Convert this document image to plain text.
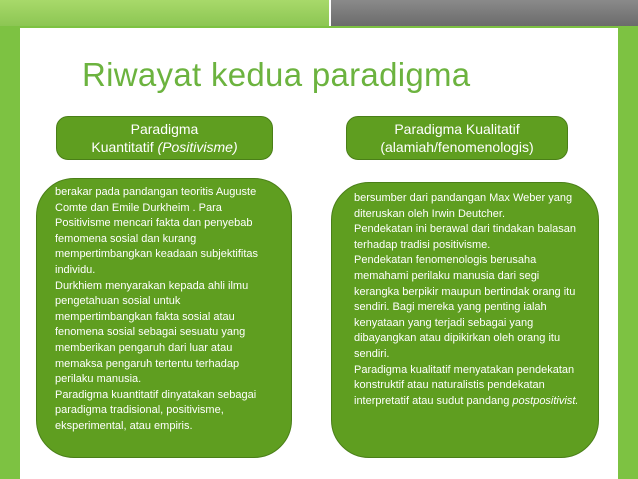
Riwayat kedua paradigma
Paradigma
Kuantitatif (Positivisme)
Paradigma Kualitatif
(alamiah/fenomenologis)

berakar pada pandangan teoritis Auguste Comte dan Emile Durkheim . Para Positivisme mencari fakta dan penyebab femomena sosial dan kurang mempertimbangkan keadaan subjektifitas individu.

Durkhiem menyarakan kepada ahli ilmu pengetahuan sosial untuk mempertimbangkan fakta sosial atau fenomena sosial sebagai sesuatu yang memberikan pengaruh dari luar atau memaksa pengaruh tertentu terhadap perilaku manusia.

Paradigma kuantitatif dinyatakan sebagai paradigma tradisional, positivisme, eksperimental, atau empiris.

bersumber dari pandangan Max Weber yang diteruskan oleh Irwin Deutcher.

Pendekatan ini berawal dari tindakan balasan terhadap tradisi positivisme.

Pendekatan fenomenologis berusaha memahami perilaku manusia dari segi kerangka berpikir maupun bertindak orang itu sendiri. Bagi mereka yang penting ialah kenyataan yang terjadi sebagai yang dibayangkan atau dipikirkan oleh orang itu sendiri.

Paradigma kualitatif menyatakan pendekatan konstruktif atau naturalistis pendekatan interpretatif atau sudut pandang postpositivist.
